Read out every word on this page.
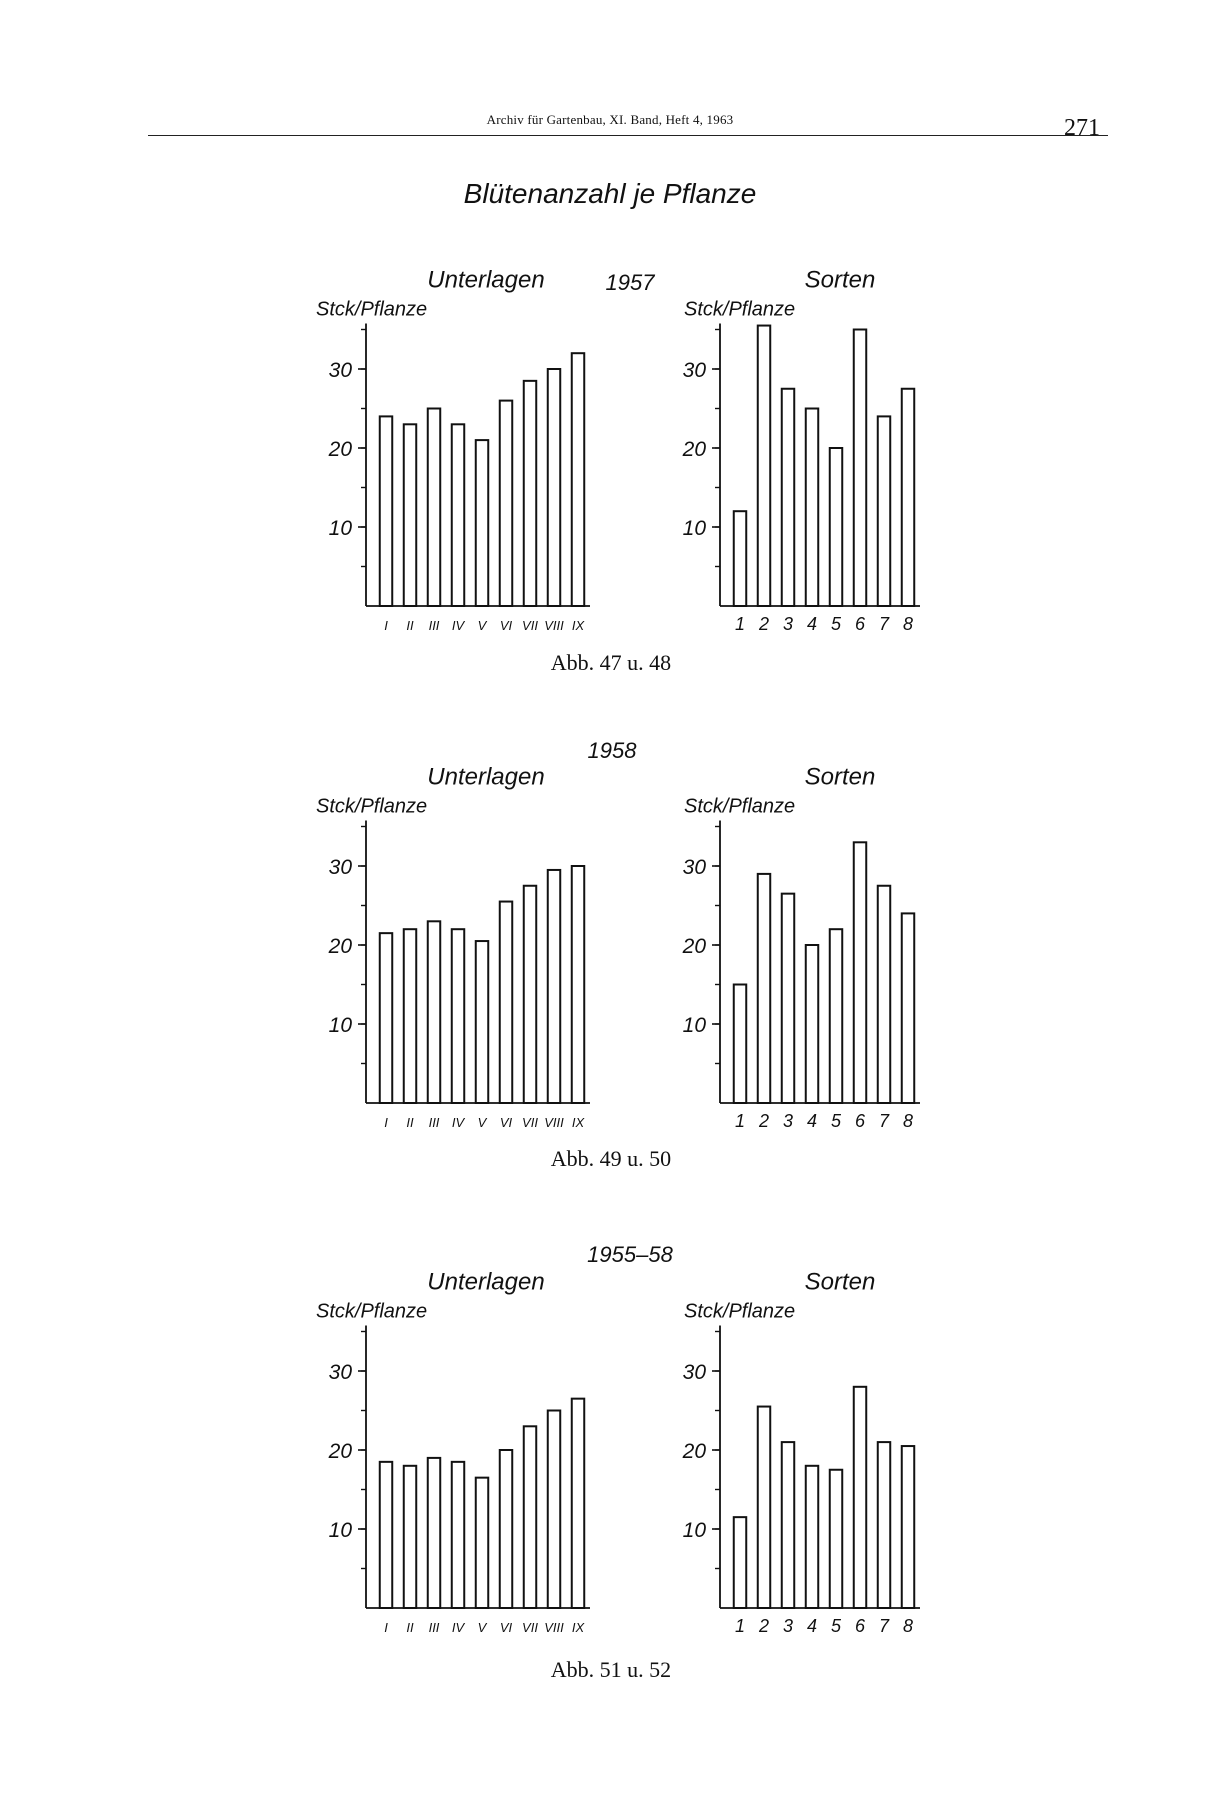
Archiv für Gartenbau, XI. Band, Heft 4, 1963	271
Blütenanzahl je Pflanze
10
20
30
I II III IV V VI VII VIII IX
Unterlagen
Stck/Pflanze
10
20
30
1 2 3 4 5 6 7 8
Sorten
Stck/Pflanze
10
20
30
I II III IV V VI VII VIII IX
Unterlagen
Stck/Pflanze
10
20
30
1 2 3 4 5 6 7 8
Sorten
Stck/Pflanze
10
20
30
I II III IV V VI VII VIII IX
Unterlagen
Stck/Pflanze
10
20
30
1 2 3 4 5 6 7 8
Sorten
Stck/Pflanze
1957
1958
1955–58
Abb. 47 u. 48
Abb. 49 u. 50
Abb. 51 u. 52
